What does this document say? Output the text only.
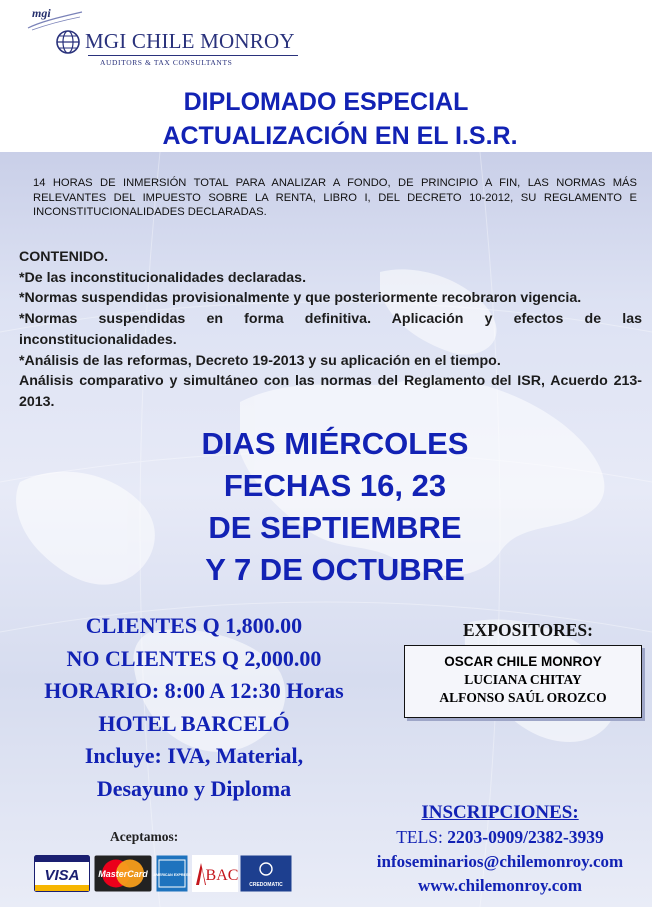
mgi
MGI CHILE MONROY
AUDITORS & TAX CONSULTANTS
DIPLOMADO ESPECIAL
ACTUALIZACIÓN EN EL I.S.R.

14 HORAS DE INMERSIÓN TOTAL PARA ANALIZAR A FONDO, DE PRINCIPIO A FIN, LAS NORMAS MÁS RELEVANTES DEL IMPUESTO SOBRE LA RENTA, LIBRO I, DEL DECRETO 10-2012, SU REGLAMENTO E INCONSTITUCIONALIDADES DECLARADAS.

CONTENIDO.
*De las inconstitucionalidades declaradas.
*Normas suspendidas provisionalmente y que posteriormente recobraron vigencia.
*Normas suspendidas en forma definitiva. Aplicación y efectos de las inconstitucionalidades.
*Análisis de las reformas, Decreto 19-2013 y su aplicación en el tiempo.
Análisis comparativo y simultáneo con las normas del Reglamento del ISR, Acuerdo 213-2013.
DIAS MIÉRCOLES
FECHAS 16, 23
DE SEPTIEMBRE
Y 7 DE OCTUBRE
CLIENTES Q 1,800.00
NO CLIENTES Q 2,000.00
HORARIO: 8:00 A 12:30 Horas
HOTEL BARCELÓ
Incluye: IVA, Material,
Desayuno y Diploma
EXPOSITORES:
OSCAR CHILE MONROY
LUCIANA CHITAY
ALFONSO SAÚL OROZCO
Aceptamos:
VISA MasterCard AMERICAN EXPRESS BAC
CREDOMATIC
INSCRIPCIONES:
TELS: 2203-0909/2382-3939
infoseminarios@chilemonroy.com
www.chilemonroy.com
